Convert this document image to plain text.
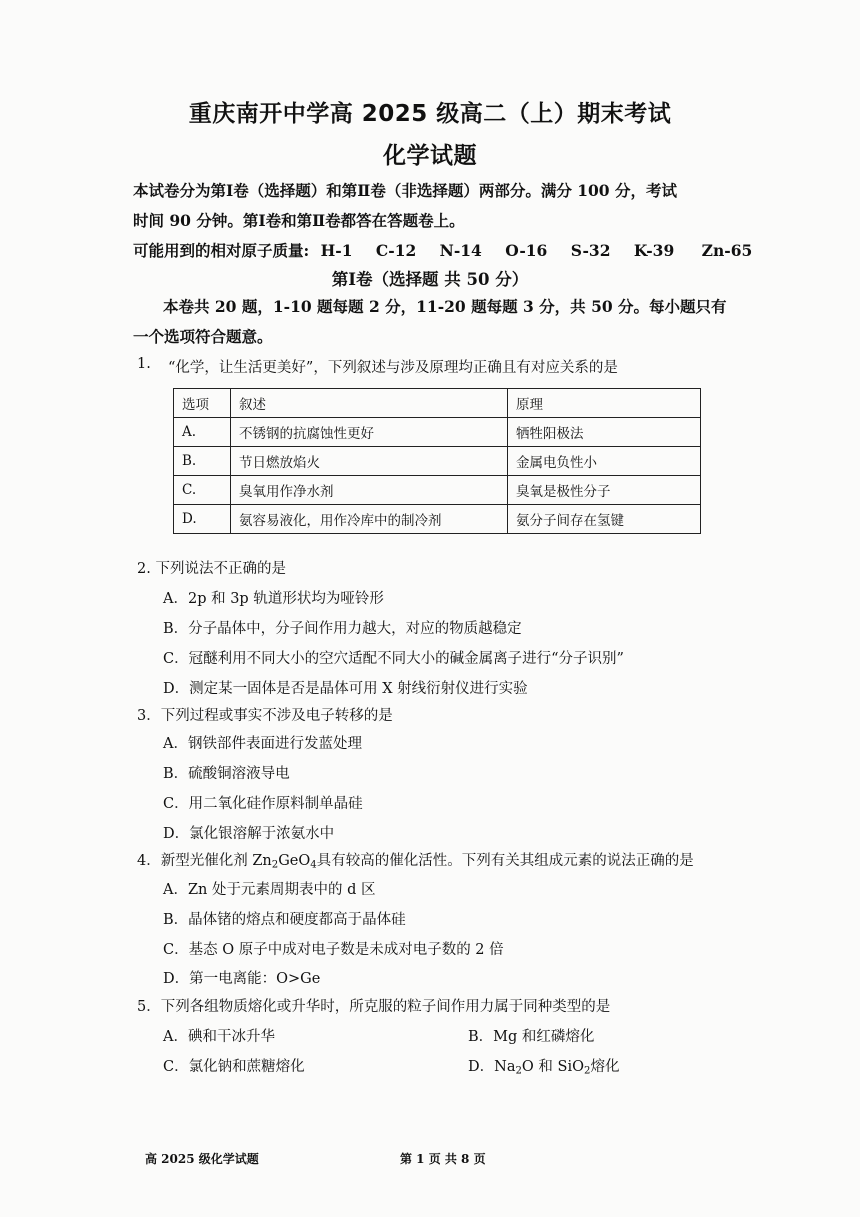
重庆南开中学高 2025 级高二（上）期末考试
化学试题
本试卷分为第Ⅰ卷（选择题）和第Ⅱ卷（非选择题）两部分。满分 100 分，考试
时间 90 分钟。第Ⅰ卷和第Ⅱ卷都答在答题卷上。
可能用到的相对原子质量: H-1 C-12 N-14 O-16 S-32 K-39 Zn-65
第Ⅰ卷（选择题 共 50 分）
本卷共 20 题，1-10 题每题 2 分，11-20 题每题 3 分，共 50 分。每小题只有
一个选项符合题意。
1. “化学，让生活更美好”，下列叙述与涉及原理均正确且有对应关系的是
选项	叙述	原理
A.	不锈钢的抗腐蚀性更好	牺牲阳极法
B.	节日燃放焰火	金属电负性小
C.	臭氧用作净水剂	臭氧是极性分子
D.	氨容易液化，用作冷库中的制冷剂	氨分子间存在氢键
2. 下列说法不正确的是
A．2p 和 3p 轨道形状均为哑铃形
B．分子晶体中，分子间作用力越大，对应的物质越稳定
C．冠醚利用不同大小的空穴适配不同大小的碱金属离子进行“分子识别”
D．测定某一固体是否是晶体可用 X 射线衍射仪进行实验
3．下列过程或事实不涉及电子转移的是
A．钢铁部件表面进行发蓝处理
B．硫酸铜溶液导电
C．用二氧化硅作原料制单晶硅
D．氯化银溶解于浓氨水中
4．新型光催化剂 $Zn_2GeO_4$具有较高的催化活性。下列有关其组成元素的说法正确的是
A．Zn 处于元素周期表中的 d 区
B．晶体锗的熔点和硬度都高于晶体硅
C．基态 O 原子中成对电子数是未成对电子数的 2 倍
D．第一电离能：O>Ge
5．下列各组物质熔化或升华时，所克服的粒子间作用力属于同种类型的是
A．碘和干冰升华	B．Mg 和红磷熔化
C．氯化钠和蔗糖熔化	D．$Na_2O$ 和 SiO$_2$熔化
高 2025 级化学试题	第 1 页 共 8 页
